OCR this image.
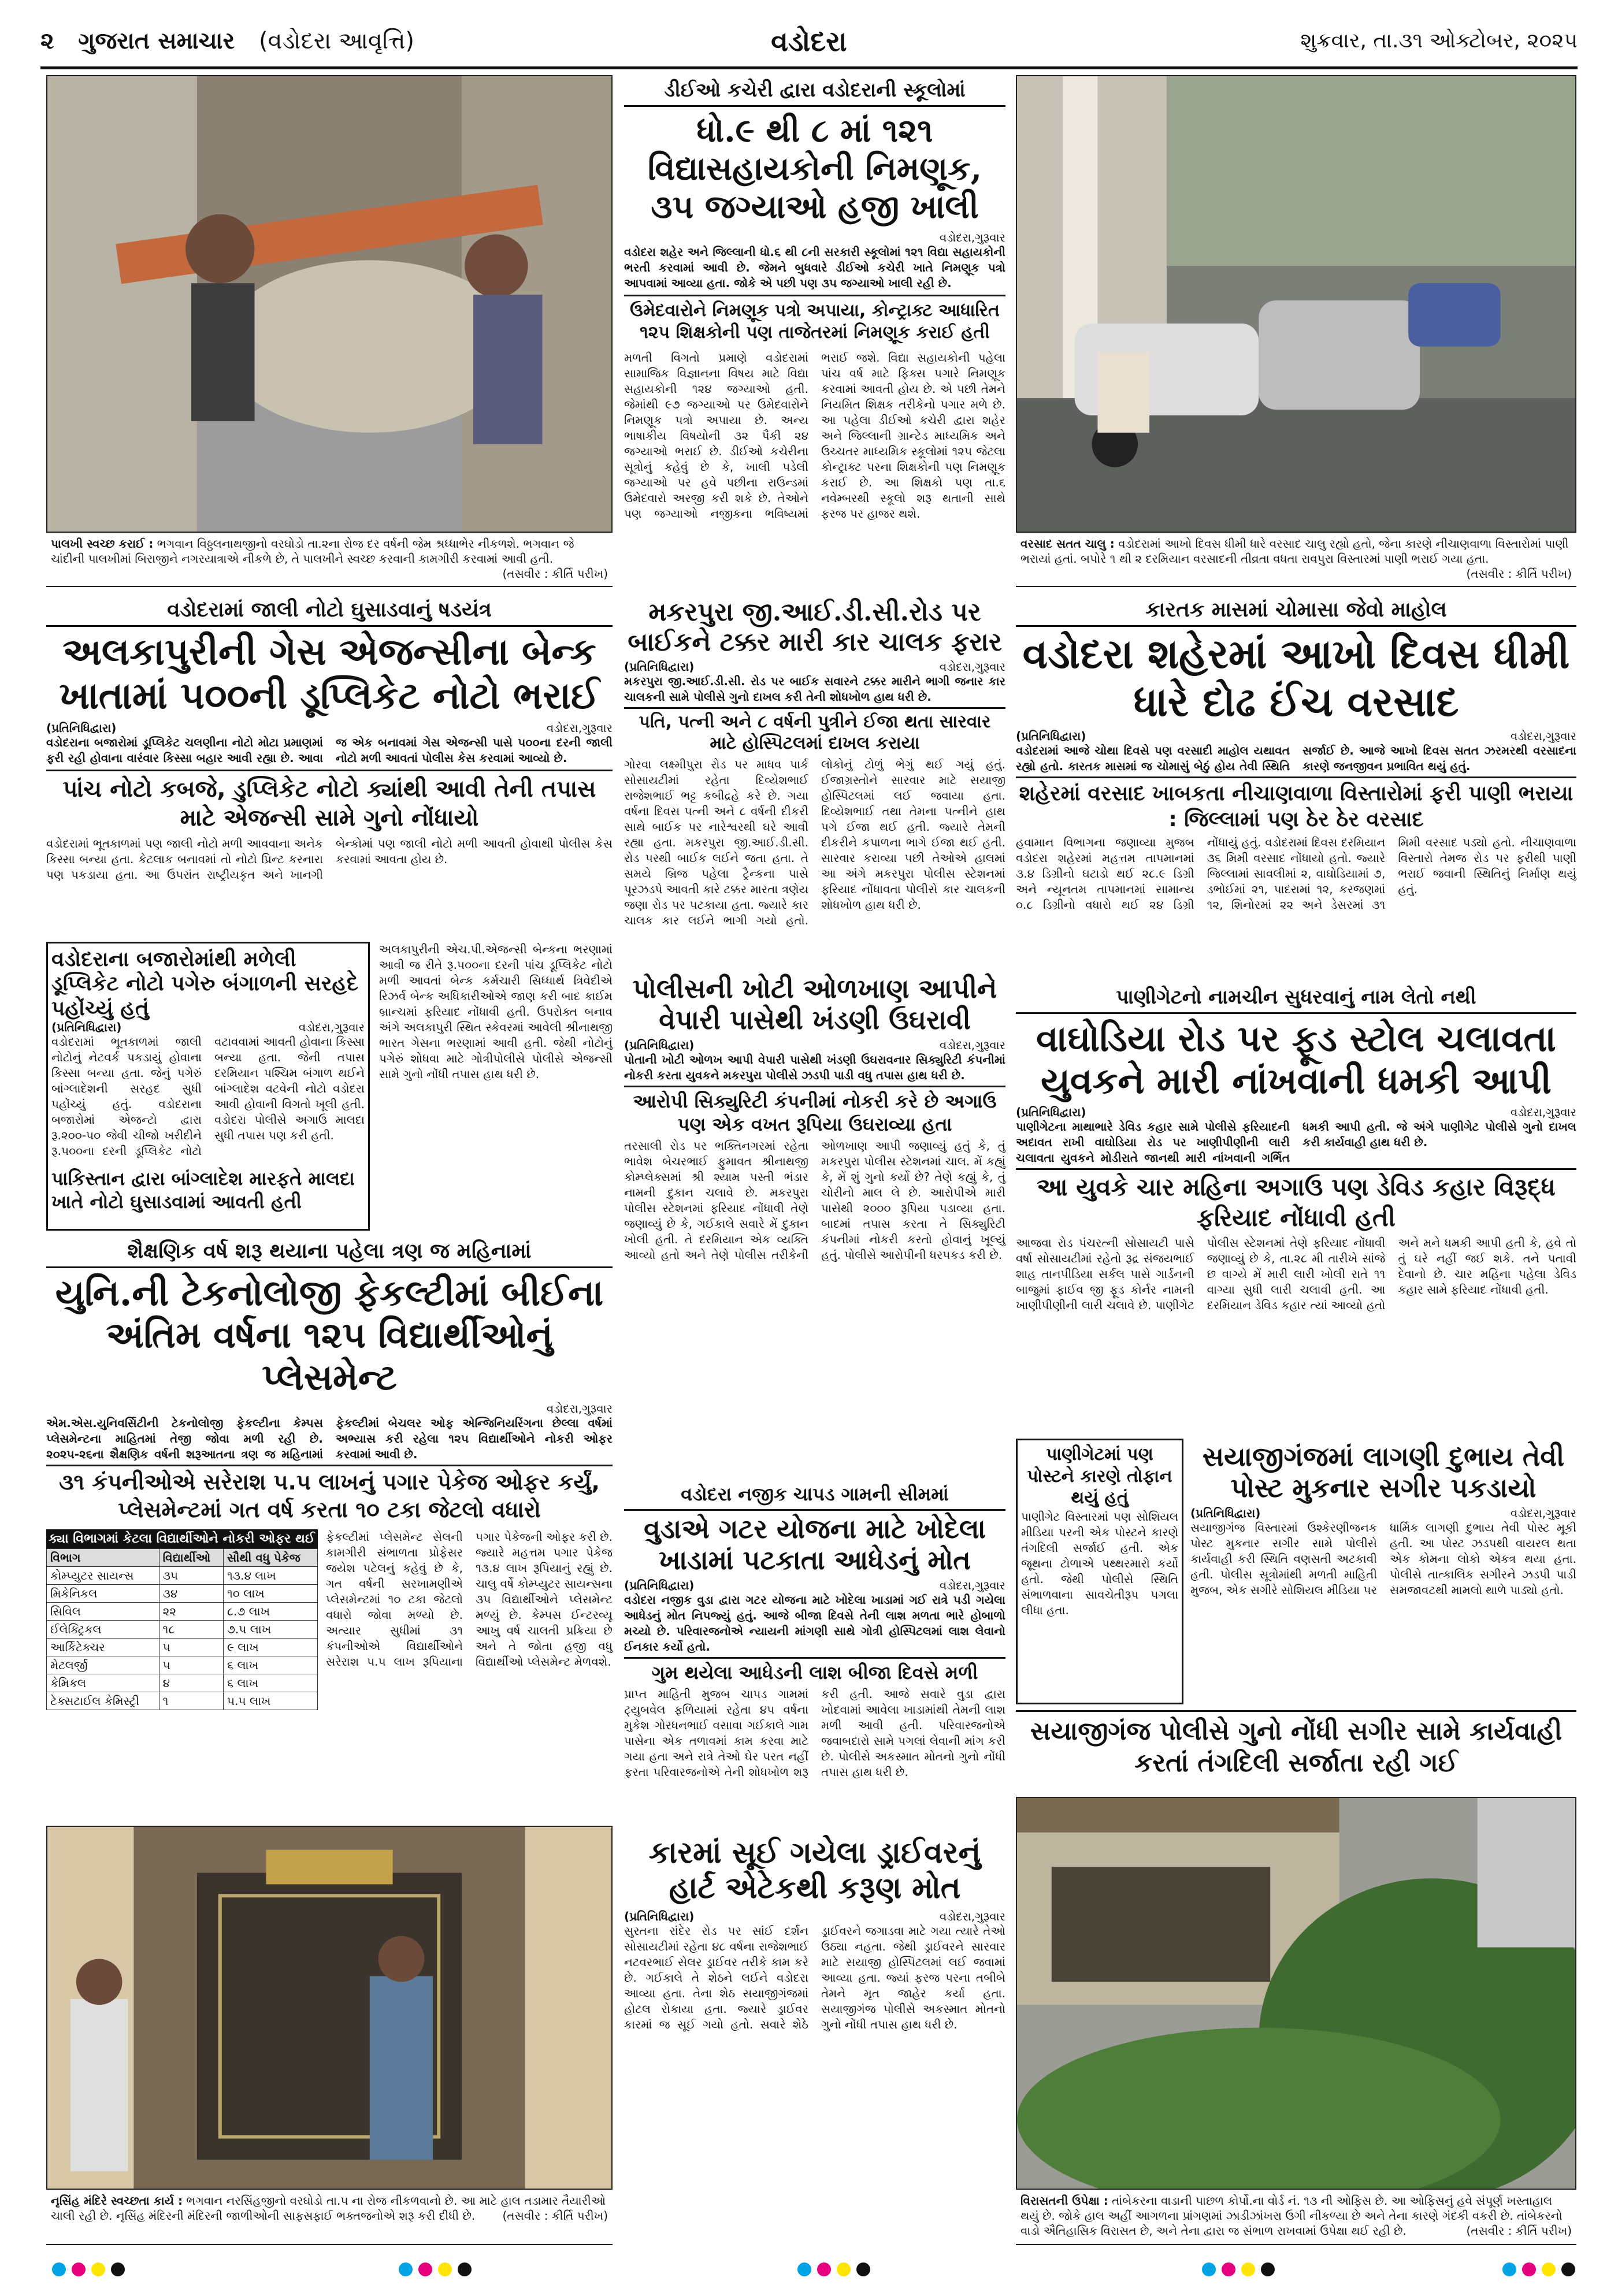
૨ ગુજરાત સમાચાર (વડોદરા આવૃત્તિ)	વડોદરા	શુક્રવાર, તા.૩૧ ઓક્ટોબર, ૨૦૨૫
પાલખી સ્વચ્છ કરાઈ : ભગવાન વિઠ્ઠલનાથજીનો વરઘોડો તા.૨ના રોજ દર વર્ષની જેમ શ્રધ્ધાભેર નીકળશે. ભગવાન જે ચાંદીની પાલખીમાં બિરાજીને નગરયાત્રાએ નીકળે છે, તે પાલખીને સ્વચ્છ કરવાની કામગીરી કરવામાં આવી હતી.
(તસવીર : કીર્તિ પરીખ)
ડીઈઓ કચેરી દ્વારા વડોદરાની સ્કૂલોમાં
ધો.૯ થી ૮ માં ૧૨૧ વિદ્યાસહાયકોની નિમણૂક, ૩૫ જગ્યાઓ હજી ખાલી
વડોદરા,ગુરૂવાર

વડોદરા શહેર અને જિલ્લાની ધો.૬ થી ૮ની સરકારી સ્કૂલોમાં ૧૨૧ વિદ્યા સહાયકોની ભરતી કરવામાં આવી છે. જેમને બુધવારે ડીઈઓ કચેરી ખાતે નિમણૂક પત્રો આપવામાં આવ્યા હતા. જોકે એ પછી પણ ૩૫ જગ્યાઓ ખાલી રહી છે.
ઉમેદવારોને નિમણૂક પત્રો અપાયા, કોન્ટ્રાક્ટ આધારિત ૧૨૫ શિક્ષકોની પણ તાજેતરમાં નિમણૂક કરાઈ હતી
મળતી વિગતો પ્રમાણે વડોદરામાં સામાજિક વિજ્ઞાનના વિષય માટે વિદ્યા સહાયકોની ૧૨૪ જગ્યાઓ હતી. જેમાંથી ૯૭ જગ્યાઓ પર ઉમેદવારોને નિમણૂક પત્રો અપાયા છે. અન્ય ભાષાકીય વિષયોની ૩૨ પૈકી ૨૪ જગ્યાઓ ભરાઈ છે. ડીઈઓ કચેરીના સૂત્રોનું કહેવું છે કે, ખાલી પડેલી જગ્યાઓ પર હવે પછીના રાઉન્ડમાં ઉમેદવારો અરજી કરી શકે છે. તેઓને પણ જગ્યાઓ નજીકના ભવિષ્યમાં ભરાઈ જશે. વિદ્યા સહાયકોની પહેલા પાંચ વર્ષ માટે ફિક્સ પગારે નિમણૂક કરવામાં આવતી હોય છે. એ પછી તેમને નિયમિત શિક્ષક તરીકેનો પગાર મળે છે. આ પહેલા ડીઈઓ કચેરી દ્વારા શહેર અને જિલ્લાની ગ્રાન્ટેડ માધ્યમિક અને ઉચ્ચતર માધ્યમિક સ્કૂલોમાં ૧૨૫ જેટલા કોન્ટ્રાક્ટ પરના શિક્ષકોની પણ નિમણૂક કરાઈ છે. આ શિક્ષકો પણ તા.૬ નવેમ્બરથી સ્કૂલો શરૂ થતાની સાથે ફરજ પર હાજર થશે.
વરસાદ સતત ચાલુ : વડોદરામાં આખો દિવસ ધીમી ધારે વરસાદ ચાલુ રહ્યો હતો, જેના કારણે નીચાણવાળા વિસ્તારોમાં પાણી ભરાયાં હતાં. બપોરે ૧ થી ૨ દરમિયાન વરસાદની તીવ્રતા વધતા રાવપુરા વિસ્તારમાં પાણી ભરાઈ ગયા હતા.
(તસવીર : કીર્તિ પરીખ)
વડોદરામાં જાલી નોટો ઘુસાડવાનું ષડયંત્ર
અલકાપુરીની ગેસ એજન્સીના બેન્ક ખાતામાં ૫૦૦ની ડૂપ્લિકેટ નોટો ભરાઈ
(પ્રતિનિધિદ્વારા)	વડોદરા,ગુરૂવાર
વડોદરાના બજારોમાં ડૂપ્લિકેટ ચલણીના નોટો મોટા પ્રમાણમાં ફરી રહી હોવાના વારંવાર કિસ્સા બહાર આવી રહ્યા છે. આવા જ એક બનાવમાં ગેસ એજન્સી પાસે ૫૦૦ના દરની જાલી નોટો મળી આવતાં પોલીસ કેસ કરવામાં આવ્યો છે.
પાંચ નોટો કબજે, ડુપ્લિકેટ નોટો ક્યાંથી આવી તેની તપાસ માટે એજન્સી સામે ગુનો નોંધાયો
વડોદરામાં ભૂતકાળમાં પણ જાલી નોટો મળી આવવાના અનેક કિસ્સા બન્યા હતા. કેટલાક બનાવમાં તો નોટો પ્રિન્ટ કરનારા પણ પકડાયા હતા. આ ઉપરાંત રાષ્ટ્રીયકૃત અને ખાનગી બેન્કોમાં પણ જાલી નોટો મળી આવતી હોવાથી પોલીસ કેસ કરવામાં આવતા હોય છે.
વડોદરાના બજારોમાંથી મળેલી ડૂપ્લિકેટ નોટો પગેરુ બંગાળની સરહદે પહોંચ્યું હતું
(પ્રતિનિધિદ્વારા)	વડોદરા,ગુરૂવાર
વડોદરામાં ભૂતકાળમાં જાલી નોટોનું નેટવર્ક પકડાયું હોવાના કિસ્સા બન્યા હતા. જેનું પગેરું બાંગ્લાદેશની સરહદ સુધી પહોંચ્યું હતું. વડોદરાના બજારોમાં એજન્ટો દ્વારા રૂ.૨૦૦-૫૦ જેવી ચીજો ખરીદીને રૂ.૫૦૦ના દરની ડૂપ્લિકેટ નોટો વટાવવામાં આવતી હોવાના કિસ્સા બન્યા હતા. જેની તપાસ દરમિયાન પશ્ચિમ બંગાળ થઈને બાંગ્લાદેશ વટવેની નોટો વડોદરા આવી હોવાની વિગતો ખૂલી હતી. વડોદરા પોલીસે અગાઉ માલદા સુધી તપાસ પણ કરી હતી.
પાકિસ્તાન દ્વારા બાંગ્લાદેશ મારફતે માલદા ખાતે નોટો ઘુસાડવામાં આવતી હતી
અલકાપુરીની એચ.પી.એજન્સી બેન્કના ભરણામાં આવી જ રીતે રૂ.૫૦૦ના દરની પાંચ ડૂપ્લિકેટ નોટો મળી આવતાં બેન્ક કર્મચારી સિધ્ધાર્થ ત્રિવેદીએ રિઝર્વ બેન્ક અધિકારીઓએ જાણ કરી બાદ કાઈમ બ્રાન્ચમાં ફરિયાદ નોંધાવી હતી. ઉપરોક્ત બનાવ અંગે અલકાપુરી સ્થિત સ્કેવરમાં આવેલી શ્રીનાથજી ભારત ગેસના ભરણામાં આવી હતી. જેથી નોટોનું પગેરું શોધવા માટે ગોત્રીપોલીસે પોલીસે એજન્સી સામે ગુનો નોંધી તપાસ હાથ ધરી છે.
મકરપુરા જી.આઈ.ડી.સી.રોડ પર બાઈકને ટક્કર મારી કાર ચાલક ફરાર
(પ્રતિનિધિદ્વારા)	વડોદરા,ગુરૂવાર
મકરપુરા જી.આઈ.ડી.સી. રોડ પર બાઈક સવારને ટક્કર મારીને ભાગી જનાર કાર ચાલકની સામે પોલીસે ગુનો દાખલ કરી તેની શોધખોળ હાથ ધરી છે.
પતિ, પત્ની અને ૮ વર્ષની પુત્રીને ઈજા થતા સારવાર માટે હોસ્પિટલમાં દાખલ કરાયા
ગોરવા લક્ષ્મીપુરા રોડ પર માધવ પાર્ક સોસાયટીમાં રહેતા દિવ્યેશભાઈ રાજેશભાઈ ભટ્ટ કબીદ્રહે કરે છે. ગયા વર્ષના દિવસ પત્ની અને ૮ વર્ષની દીકરી સાથે બાઈક પર નારેશ્વરથી ઘરે આવી રહ્યા હતા. મકરપુરા જી.આઈ.ડી.સી. રોડ પરથી બાઈક લઈને જતા હતા. તે સમયે બ્રિજ પહેલા ટ્રૈન્કના પાસે પૂરઝડપે આવતી કારે ટક્કર મારતા ત્રણેય જણા રોડ પર પટકાયા હતા. જ્યારે કાર ચાલક કાર લઈને ભાગી ગયો હતો. લોકોનું ટોળું ભેગું થઈ ગયું હતું. ઈજાગ્રસ્તોને સારવાર માટે સયાજી હોસ્પિટલમાં લઈ જવાયા હતા. દિવ્યેશભાઈ તથા તેમના પત્નીને હાથ પગે ઈજા થઈ હતી. જ્યારે તેમની દીકરીને કપાળના ભાગે ઈજા થઈ હતી. સારવાર કરાવ્યા પછી તેઓએ હાલમાં આ અંગે મકરપુરા પોલીસ સ્ટેશનમાં ફરિયાદ નોંધાવતા પોલીસે કાર ચાલકની શોધખોળ હાથ ધરી છે.
કારતક માસમાં ચોમાસા જેવો માહોલ
વડોદરા શહેરમાં આખો દિવસ ધીમી ધારે દોઢ ઈંચ વરસાદ
(પ્રતિનિધિદ્વારા)	વડોદરા,ગુરૂવાર
વડોદરામાં આજે ચોથા દિવસે પણ વરસાદી માહોલ યથાવત રહ્યો હતો. કારતક માસમાં જ ચોમાસું બેઠું હોય તેવી સ્થિતિ સર્જાઈ છે. આજે આખો દિવસ સતત ઝરમરથી વરસાદના કારણે જનજીવન પ્રભાવિત થયું હતું.
શહેરમાં વરસાદ ખાબકતા નીચાણવાળા વિસ્તારોમાં ફરી પાણી ભરાયા : જિલ્લામાં પણ ઠેર ઠેર વરસાદ
હવામાન વિભાગના જણાવ્યા મુજબ વડોદરા શહેરમાં મહત્તમ તાપમાનમાં ૩.૪ ડિગ્રીનો ઘટાડો થઈ ૨૮.૯ ડિગ્રી અને ન્યૂનતમ તાપમાનમાં સામાન્ય ૦.૮ ડિગ્રીનો વધારો થઈ ૨૪ ડિગ્રી નોંધાયું હતું. વડોદરામાં દિવસ દરમિયાન ૩૬ મિમી વરસાદ નોંધાયો હતો. જ્યારે જિલ્લામાં સાવલીમાં ૨, વાઘોડિયામાં ૭, ડભોઈમાં ૨૧, પાદરામાં ૧૨, કરજણમાં ૧૨, શિનોરમાં ૨૨ અને ડેસરમાં ૩૧ મિમી વરસાદ પડ્યો હતો. નીચાણવાળા વિસ્તારો તેમજ રોડ પર ફરીથી પાણી ભરાઈ જવાની સ્થિતિનું નિર્માણ થયું હતું.
પાણીગેટનો નામચીન સુધરવાનું નામ લેતો નથી
વાઘોડિયા રોડ પર ફૂડ સ્ટોલ ચલાવતા યુવકને મારી નાંખવાની ધમકી આપી
(પ્રતિનિધિદ્વારા)	વડોદરા,ગુરૂવાર
પાણીગેટના માથાભારે ડેવિડ કહાર સામે પોલીસે ફરિયાદની અદાવત રાખી વાઘોડિયા રોડ પર ખાણીપીણીની લારી ચલાવતા યુવકને મોડીરાતે જાનથી મારી નાંખવાની ગર્ભિત ધમકી આપી હતી. જે અંગે પાણીગેટ પોલીસે ગુનો દાખલ કરી કાર્યવાહી હાથ ધરી છે.
આ યુવકે ચાર મહિના અગાઉ પણ ડેવિડ કહાર વિરૂદ્ધ ફરિયાદ નોંધાવી હતી
આજવા રોડ પંચરત્ની સોસાયટી પાસે વર્ષા સોસાયટીમાં રહેતો રૂદ્ર સંજયભાઈ શાહ તાનપીડિયા સર્કલ પાસે ગાર્ડનની બાજુમાં ફાઈવ જી ફૂડ કોર્નર નામની ખાણીપીણીની લારી ચલાવે છે. પાણીગેટ પોલીસ સ્ટેશનમાં તેણે ફરિયાદ નોંધાવી જણાવ્યું છે કે, તા.૨૮ મી તારીખે સાંજે છ વાગ્યે મેં મારી લારી ખોલી રાતે ૧૧ વાગ્યા સુધી લારી ચલાવી હતી. આ દરમિયાન ડેવિડ કહાર ત્યાં આવ્યો હતો અને મને ધમકી આપી હતી કે, હવે તો તું ઘરે નહીં જઈ શકે. તને પતાવી દેવાનો છે. ચાર મહિના પહેલા ડેવિડ કહાર સામે ફરિયાદ નોંધાવી હતી.
પોલીસની ખોટી ઓળખાણ આપીને વેપારી પાસેથી ખંડણી ઉઘરાવી
(પ્રતિનિધિદ્વારા)	વડોદરા,ગુરૂવાર
પોતાની ખોટી ઓળખ આપી વેપારી પાસેથી ખંડણી ઉઘરાવનાર સિક્યુરિટી કંપનીમાં નોકરી કરતા યુવકને મકરપુરા પોલીસે ઝડપી પાડી વધુ તપાસ હાથ ધરી છે.
આરોપી સિક્યુરિટી કંપનીમાં નોકરી કરે છે અગાઉ પણ એક વખત રૂપિયા ઉઘરાવ્યા હતા
તરસાલી રોડ પર ભક્તિનગરમાં રહેતા ભાવેશ બેચરભાઈ ફુમાવત શ્રીનાથજી કોમ્પ્લેક્સમાં શ્રી શ્યામ પસ્તી ભંડાર નામની દુકાન ચલાવે છે. મકરપુરા પોલીસ સ્ટેશનમાં ફરિયાદ નોંધાવી તેણે જણાવ્યું છે કે, ગઈકાલે સવારે મેં દુકાન ખોલી હતી. તે દરમિયાન એક વ્યક્તિ આવ્યો હતો અને તેણે પોલીસ તરીકેની ઓળખાણ આપી જણાવ્યું હતું કે, તું મકરપુરા પોલીસ સ્ટેશનમાં ચાલ. મેં કહ્યું કે, મેં શું ગુનો કર્યો છે? તેણે કહ્યું કે, તું ચોરીનો માલ લે છે. આરોપીએ મારી પાસેથી ૨૦૦૦ રૂપિયા પડાવ્યા હતા. બાદમાં તપાસ કરતા તે સિક્યુરિટી કંપનીમાં નોકરી કરતો હોવાનું ખૂલ્યું હતું. પોલીસે આરોપીની ધરપકડ કરી છે.
શૈક્ષણિક વર્ષ શરૂ થયાના પહેલા ત્રણ જ મહિનામાં
યુનિ.ની ટેકનોલોજી ફેકલ્ટીમાં બીઈના અંતિમ વર્ષના ૧૨૫ વિદ્યાર્થીઓનું પ્લેસમેન્ટ
વડોદરા,ગુરૂવાર

એમ.એસ.યુનિવર્સિટીની ટેકનોલોજી ફેકલ્ટીના કેમ્પસ પ્લેસમેન્ટના માહિતમાં તેજી જોવા મળી રહી છે. ૨૦૨૫-૨૬ના શૈક્ષણિક વર્ષની શરૂઆતના ત્રણ જ મહિનામાં ફેકલ્ટીમાં બેચલર ઓફ એન્જિનિયરિંગના છેલ્લા વર્ષમાં અભ્યાસ કરી રહેલા ૧૨૫ વિદ્યાર્થીઓને નોકરી ઓફર કરવામાં આવી છે.
૩૧ કંપનીઓએ સરેરાશ ૫.૫ લાખનું પગાર પેકેજ ઓફર કર્યું, પ્લેસમેન્ટમાં ગત વર્ષ કરતા ૧૦ ટકા જેટલો વધારો
ક્યા વિભાગમાં કેટલા વિદ્યાર્થીઓને નોકરી ઓફર થઈ
વિભાગ	વિદ્યાર્થીઓ	સૌથી વધુ પેકેજ
કોમ્પ્યુટર સાયન્સ	૩૫	૧૩.૪ લાખ
મિકેનિકલ	૩૪	૧૦ લાખ
સિવિલ	૨૨	૮.૭ લાખ
ઈલેક્ટ્રિકલ	૧૮	૭.૫ લાખ
આર્કિટેક્ચર	૫	૯ લાખ
મેટલર્જી	૫	૬ લાખ
કેમિકલ	૪	૬ લાખ
ટેક્સટાઈલ કેમિસ્ટ્રી	૧	૫.૫ લાખ
ફેકલ્ટીમાં પ્લેસમેન્ટ સેલની કામગીરી સંભાળતા પ્રોફેસર જયેશ પટેલનું કહેવું છે કે, ગત વર્ષની સરખામણીએ પ્લેસમેન્ટમાં ૧૦ ટકા જેટલો વધારો જોવા મળ્યો છે. અત્યાર સુધીમાં ૩૧ કંપનીઓએ વિદ્યાર્થીઓને સરેરાશ ૫.૫ લાખ રૂપિયાના પગાર પેકેજની ઓફર કરી છે. જ્યારે મહત્તમ પગાર પેકેજ ૧૩.૪ લાખ રૂપિયાનું રહ્યું છે. ચાલુ વર્ષે કોમ્પ્યુટર સાયન્સના ૩૫ વિદ્યાર્થીઓને પ્લેસમેન્ટ મળ્યું છે. કેમ્પસ ઈન્ટરવ્યૂ આખુ વર્ષ ચાલતી પ્રક્રિયા છે અને તે જોતા હજી વધુ વિદ્યાર્થીઓ પ્લેસમેન્ટ મેળવશે.
વડોદરા નજીક ચાપડ ગામની સીમમાં
વુડાએ ગટર યોજના માટે ખોદેલા ખાડામાં પટકાતા આધેડનું મોત
(પ્રતિનિધિદ્વારા)	વડોદરા,ગુરૂવાર
વડોદરા નજીક વુડા દ્વારા ગટર યોજના માટે ખોદેલા ખાડામાં ગઈ રાત્રે પડી ગયેલા આધેડનું મોત નિપજ્યું હતું. આજે બીજા દિવસે તેની લાશ મળતા ભારે હોબાળો મચ્યો છે. પરિવારજનોએ ન્યાયની માંગણી સાથે ગોત્રી હોસ્પિટલમાં લાશ લેવાનો ઈનકાર કર્યો હતો.
ગુમ થયેલા આધેડની લાશ બીજા દિવસે મળી
પ્રાપ્ત માહિતી મુજબ ચાપડ ગામમાં ટ્યુબવેલ ફળિયામાં રહેતા ૪૫ વર્ષના મુકેશ ગોરધનભાઈ વસાવા ગઈકાલે ગામ પાસેના એક તળાવમાં કામ કરવા માટે ગયા હતા અને રાત્રે તેઓ ઘેર પરત નહીં ફરતા પરિવારજનોએ તેની શોધખોળ શરૂ કરી હતી. આજે સવારે વુડા દ્વારા ખોદવામાં આવેલા ખાડામાંથી તેમની લાશ મળી આવી હતી. પરિવારજનોએ જવાબદારો સામે પગલાં લેવાની માંગ કરી છે. પોલીસે અકસ્માત મોતનો ગુનો નોંધી તપાસ હાથ ધરી છે.
સયાજીગંજમાં લાગણી દુભાય તેવી પોસ્ટ મુકનાર સગીર પકડાયો
(પ્રતિનિધિદ્વારા)	વડોદરા,ગુરૂવાર
સયાજીગંજ વિસ્તારમાં ઉશ્કેરણીજનક પોસ્ટ મુકનાર સગીર સામે પોલીસે કાર્યવાહી કરી સ્થિતિ વણસતી અટકાવી હતી. પોલીસ સૂત્રોમાંથી મળતી માહિતી મુજબ, એક સગીરે સોશિયલ મીડિયા પર ધાર્મિક લાગણી દુભાય તેવી પોસ્ટ મૂકી હતી. આ પોસ્ટ ઝડપથી વાયરલ થતા એક કોમના લોકો એકત્ર થયા હતા. પોલીસે તાત્કાલિક સગીરને ઝડપી પાડી સમજાવટથી મામલો થાળે પાડ્યો હતો.
પાણીગેટમાં પણ પોસ્ટને કારણે તોફાન થયું હતું
પાણીગેટ વિસ્તારમાં પણ સોશિયલ મીડિયા પરની એક પોસ્ટને કારણે તંગદિલી સર્જાઈ હતી. એક જૂથના ટોળાએ પથ્થરમારો કર્યો હતો. જેથી પોલીસે સ્થિતિ સંભાળવાના સાવચેતીરૂપ પગલા લીધા હતા.
સયાજીગંજ પોલીસે ગુનો નોંધી સગીર સામે કાર્યવાહી કરતાં તંગદિલી સર્જાતા રહી ગઈ
નૃસિંહ મંદિરે સ્વચ્છતા કાર્ય : ભગવાન નરસિંહજીનો વરઘોડો તા.૫ ના રોજ નીકળવાનો છે. આ માટે હાલ તડામાર તૈયારીઓ ચાલી રહી છે. નૃસિંહ મંદિરની મંદિરની જાળીઓની સાફસફાઈ ભક્તજનોએ શરૂ કરી દીધી છે. (તસવીર : કીર્તિ પરીખ)
કારમાં સૂઈ ગયેલા ડ્રાઈવરનું હાર્ટ એટેકથી કરૂણ મોત
(પ્રતિનિધિદ્વારા)	વડોદરા,ગુરૂવાર
સુરતના રાંદેર રોડ પર સાંઈ દર્શન સોસાયટીમાં રહેતા ૪૮ વર્ષના રાજેશભાઈ નટવરભાઈ સેલર ડ્રાઈવર તરીકે કામ કરે છે. ગઈકાલે તે શેઠને લઈને વડોદરા આવ્યા હતા. તેના શેઠ સયાજીગંજમાં હોટલ રોકાયા હતા. જ્યારે ડ્રાઈવર કારમાં જ સૂઈ ગયો હતો. સવારે શેઠે ડ્રાઈવરને જગાડવા માટે ગયા ત્યારે તેઓ ઉઠ્યા નહતા. જેથી ડ્રાઈવરને સારવાર માટે સયાજી હોસ્પિટલમાં લઈ જવામાં આવ્યા હતા. જ્યાં ફરજ પરના તબીબે તેમને મૃત જાહેર કર્યા હતા. સયાજીગંજ પોલીસે અકસ્માત મોતનો ગુનો નોંધી તપાસ હાથ ધરી છે.
વિરાસતની ઉપેક્ષા : તાંબેકરના વાડાની પાછળ કોર્પો.ના વોર્ડ નં. ૧૩ ની ઓફિસ છે. આ ઓફિસનું હવે સંપૂર્ણ ખસ્તાહાલ થયું છે. જોકે હાલ અહીં આગળના પ્રાંગણમાં ઝાડીઝાંખરા ઉગી નીકળ્યા છે અને તેના કારણે ગંદકી વકરી છે. તાંબેકરનો વાડો ઐતિહાસિક વિરાસત છે, અને તેના દ્વારા જ સંભાળ રાખવામાં ઉપેક્ષા થઈ રહી છે.	(તસવીર : કીર્તિ પરીખ)
